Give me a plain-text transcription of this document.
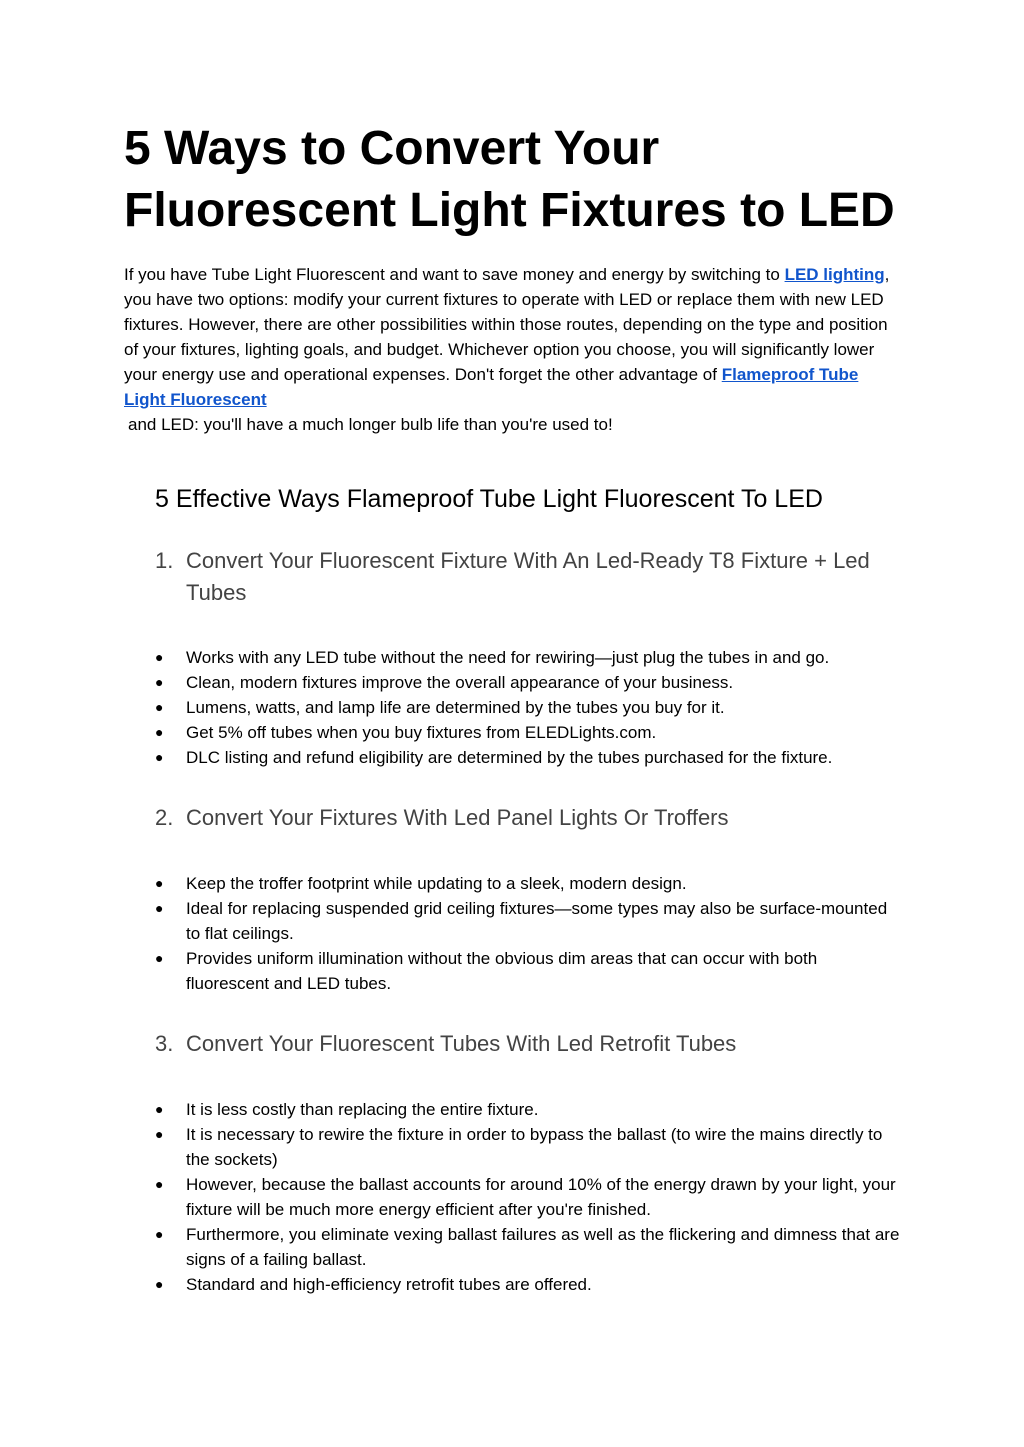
5 Ways to Convert Your Fluorescent Light Fixtures to LED

If you have Tube Light Fluorescent and want to save money and energy by switching to LED lighting, you have two options: modify your current fixtures to operate with LED or replace them with new LED fixtures. However, there are other possibilities within those routes, depending on the type and position of your fixtures, lighting goals, and budget. Whichever option you choose, you will significantly lower your energy use and operational expenses. Don't forget the other advantage of Flameproof Tube Light Fluorescent
and LED: you'll have a much longer bulb life than you're used to!

5 Effective Ways Flameproof Tube Light Fluorescent To LED
1. Convert Your Fluorescent Fixture With An Led-Ready T8 Fixture + Led Tubes
●	Works with any LED tube without the need for rewiring—just plug the tubes in and go.
●	Clean, modern fixtures improve the overall appearance of your business.
●	Lumens, watts, and lamp life are determined by the tubes you buy for it.
●	Get 5% off tubes when you buy fixtures from ELEDLights.com.
●	DLC listing and refund eligibility are determined by the tubes purchased for the fixture.
2. Convert Your Fixtures With Led Panel Lights Or Troffers
●	Keep the troffer footprint while updating to a sleek, modern design.
●	Ideal for replacing suspended grid ceiling fixtures—some types may also be surface-mounted to flat ceilings.
●	Provides uniform illumination without the obvious dim areas that can occur with both fluorescent and LED tubes.
3. Convert Your Fluorescent Tubes With Led Retrofit Tubes
●	It is less costly than replacing the entire fixture.
●	It is necessary to rewire the fixture in order to bypass the ballast (to wire the mains directly to the sockets)
●	However, because the ballast accounts for around 10% of the energy drawn by your light, your fixture will be much more energy efficient after you're finished.
●	Furthermore, you eliminate vexing ballast failures as well as the flickering and dimness that are signs of a failing ballast.
●	Standard and high-efficiency retrofit tubes are offered.
